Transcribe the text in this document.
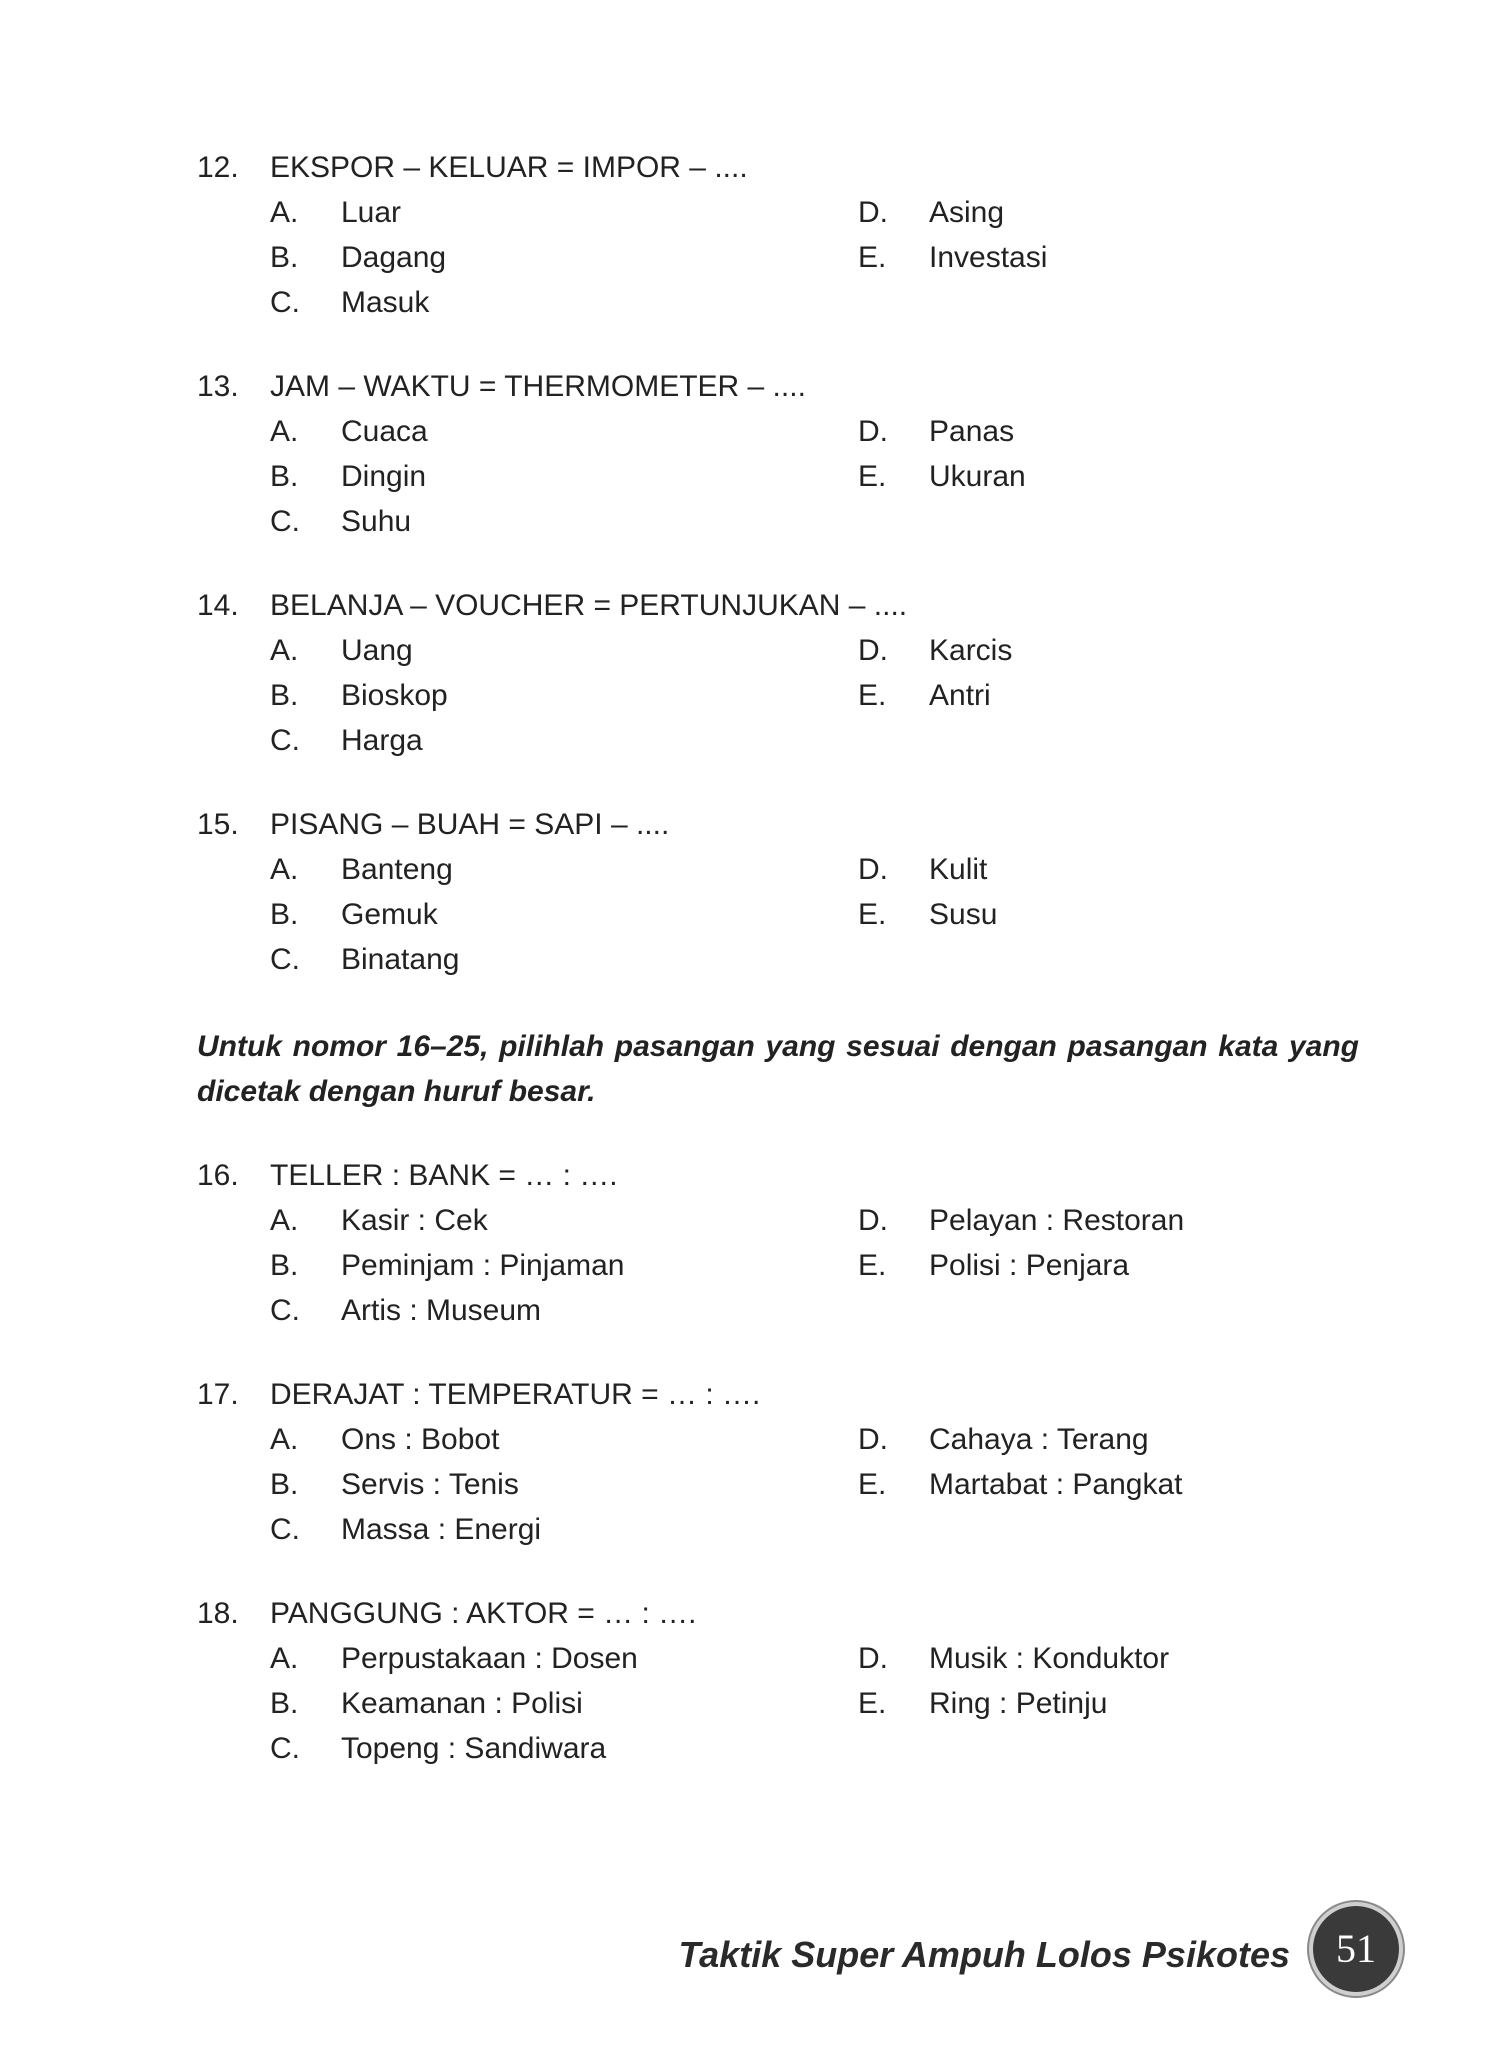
12. EKSPOR – KELUAR = IMPOR – ....
A. Luar
B. Dagang
C. Masuk
D. Asing
E. Investasi
13. JAM – WAKTU = THERMOMETER – ....
A. Cuaca
B. Dingin
C. Suhu
D. Panas
E. Ukuran
14. BELANJA – VOUCHER = PERTUNJUKAN – ....
A. Uang
B. Bioskop
C. Harga
D. Karcis
E. Antri
15. PISANG – BUAH = SAPI – ....
A. Banteng
B. Gemuk
C. Binatang
D. Kulit
E. Susu
Untuk nomor 16–25, pilihlah pasangan yang sesuai dengan pasangan kata yang dicetak dengan huruf besar.
16. TELLER : BANK = … : ….
A. Kasir : Cek
B. Peminjam : Pinjaman
C. Artis : Museum
D. Pelayan : Restoran
E. Polisi : Penjara
17. DERAJAT : TEMPERATUR = … : ….
A. Ons : Bobot
B. Servis : Tenis
C. Massa : Energi
D. Cahaya : Terang
E. Martabat : Pangkat
18. PANGGUNG : AKTOR = … : ….
A. Perpustakaan : Dosen
B. Keamanan : Polisi
C. Topeng : Sandiwara
D. Musik : Konduktor
E. Ring : Petinju
Taktik Super Ampuh Lolos Psikotes	51
